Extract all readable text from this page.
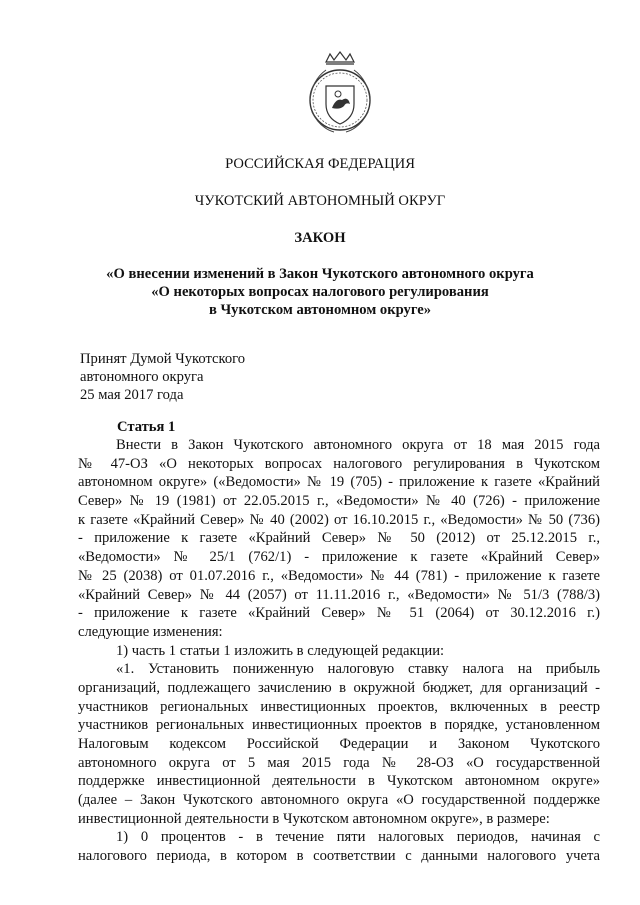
РОССИЙСКАЯ ФЕДЕРАЦИЯ
ЧУКОТСКИЙ АВТОНОМНЫЙ ОКРУГ
ЗАКОН
«О внесении изменений в Закон Чукотского автономного округа
«О некоторых вопросах налогового регулирования
в Чукотском автономном округе»
Принят Думой Чукотского
автономного округа
25 мая 2017 года
Статья 1
Внести в Закон Чукотского автономного округа от 18 мая 2015 года
№ 47-ОЗ «О некоторых вопросах налогового регулирования в Чукотском
автономном округе» («Ведомости» № 19 (705) - приложение к газете «Крайний
Север» № 19 (1981) от 22.05.2015 г., «Ведомости» № 40 (726) - приложение
к газете «Крайний Север» № 40 (2002) от 16.10.2015 г., «Ведомости» № 50 (736)
- приложение к газете «Крайний Север» № 50 (2012) от 25.12.2015 г.,
«Ведомости» № 25/1 (762/1) - приложение к газете «Крайний Север»
№ 25 (2038) от 01.07.2016 г., «Ведомости» № 44 (781) - приложение к газете
«Крайний Север» № 44 (2057) от 11.11.2016 г., «Ведомости» № 51/3 (788/3)
- приложение к газете «Крайний Север» № 51 (2064) от 30.12.2016 г.)
следующие изменения:
1) часть 1 статьи 1 изложить в следующей редакции:
«1. Установить пониженную налоговую ставку налога на прибыль
организаций, подлежащего зачислению в окружной бюджет, для организаций -
участников региональных инвестиционных проектов, включенных в реестр
участников региональных инвестиционных проектов в порядке, установленном
Налоговым кодексом Российской Федерации и Законом Чукотского
автономного округа от 5 мая 2015 года № 28-ОЗ «О государственной
поддержке инвестиционной деятельности в Чукотском автономном округе»
(далее – Закон Чукотского автономного округа «О государственной поддержке
инвестиционной деятельности в Чукотском автономном округе», в размере:
1) 0 процентов - в течение пяти налоговых периодов, начиная с
налогового периода, в котором в соответствии с данными налогового учета
